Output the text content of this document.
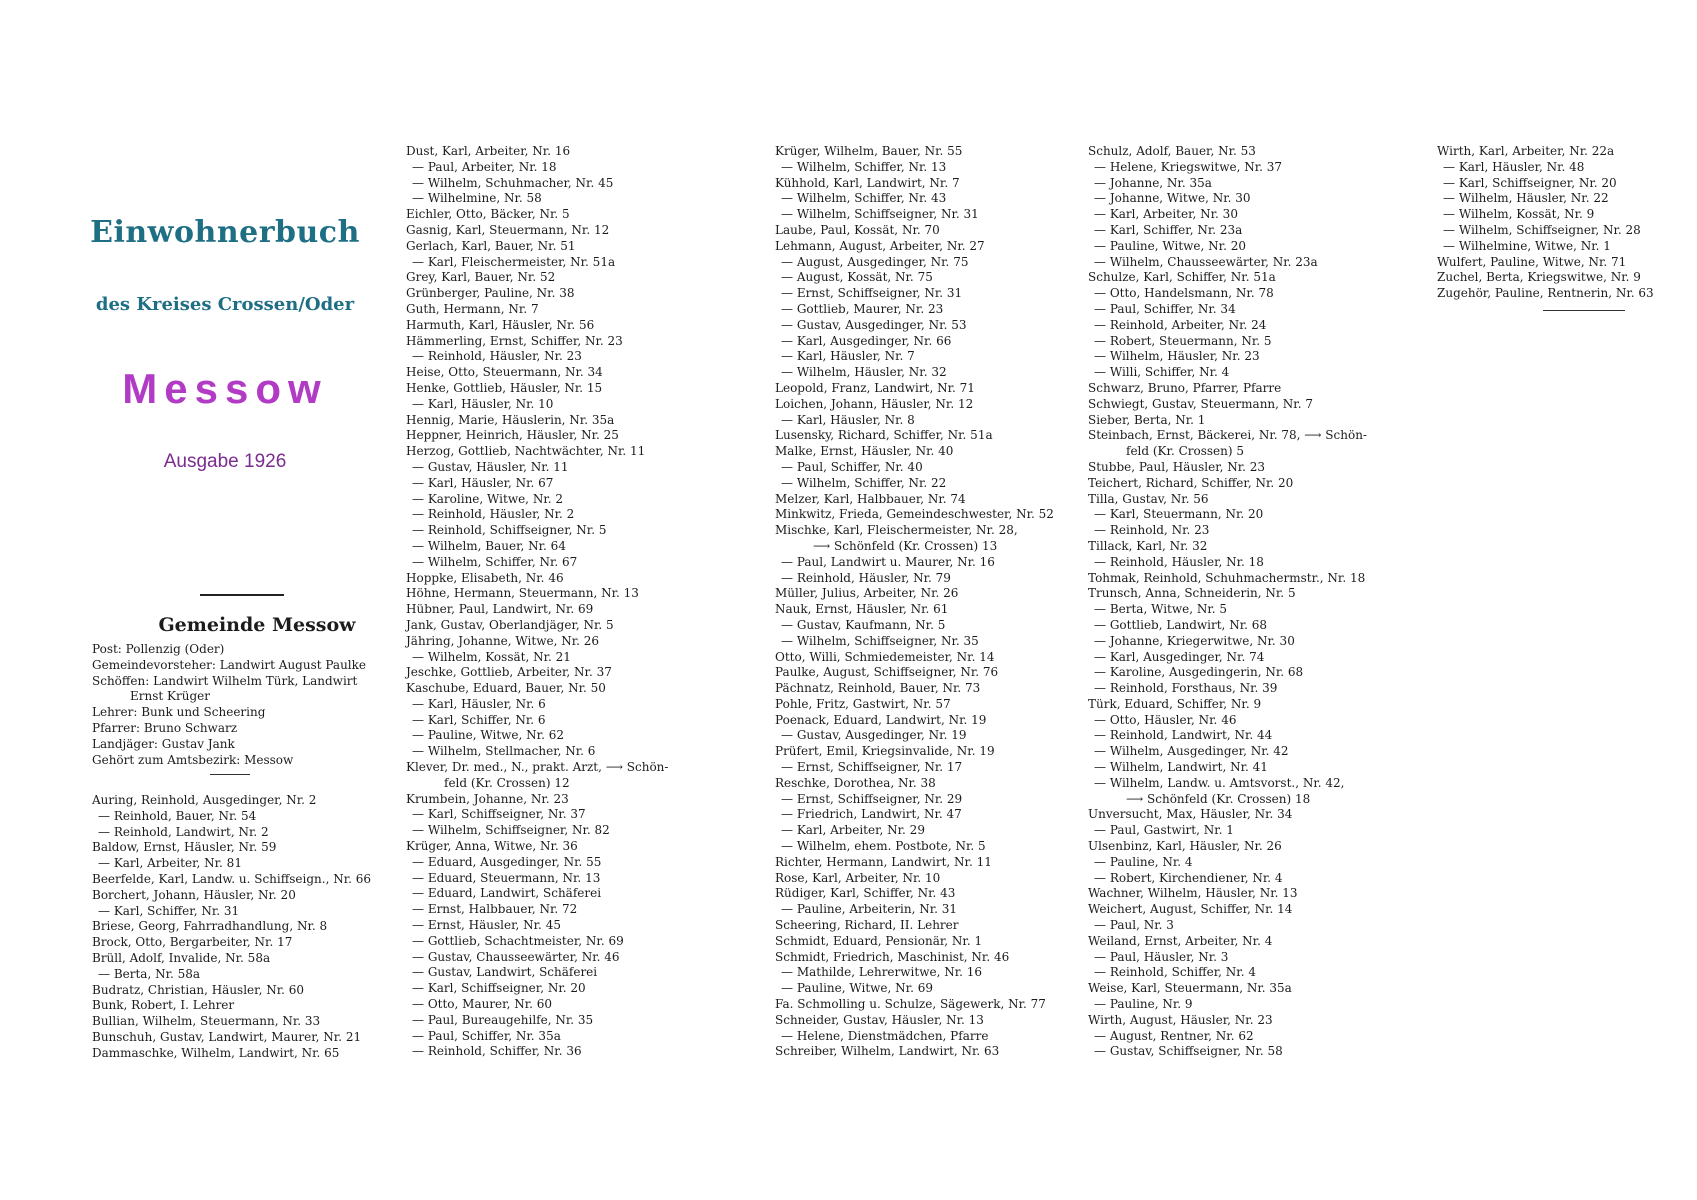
Einwohnerbuch
des Kreises Crossen/Oder
Messow
Ausgabe 1926
Gemeinde Messow
Post: Pollenzig (Oder)
Gemeindevorsteher: Landwirt August Paulke
Schöffen: Landwirt Wilhelm Türk, Landwirt
Ernst Krüger
Lehrer: Bunk und Scheering
Pfarrer: Bruno Schwarz
Landjäger: Gustav Jank
Gehört zum Amtsbezirk: Messow
Auring, Reinhold, Ausgedinger, Nr. 2
— Reinhold, Bauer, Nr. 54
— Reinhold, Landwirt, Nr. 2
Baldow, Ernst, Häusler, Nr. 59
— Karl, Arbeiter, Nr. 81
Beerfelde, Karl, Landw. u. Schiffseign., Nr. 66
Borchert, Johann, Häusler, Nr. 20
— Karl, Schiffer, Nr. 31
Briese, Georg, Fahrradhandlung, Nr. 8
Brock, Otto, Bergarbeiter, Nr. 17
Brüll, Adolf, Invalide, Nr. 58a
— Berta, Nr. 58a
Budratz, Christian, Häusler, Nr. 60
Bunk, Robert, I. Lehrer
Bullian, Wilhelm, Steuermann, Nr. 33
Bunschuh, Gustav, Landwirt, Maurer, Nr. 21
Dammaschke, Wilhelm, Landwirt, Nr. 65
Dust, Karl, Arbeiter, Nr. 16
— Paul, Arbeiter, Nr. 18
— Wilhelm, Schuhmacher, Nr. 45
— Wilhelmine, Nr. 58
Eichler, Otto, Bäcker, Nr. 5
Gasnig, Karl, Steuermann, Nr. 12
Gerlach, Karl, Bauer, Nr. 51
— Karl, Fleischermeister, Nr. 51a
Grey, Karl, Bauer, Nr. 52
Grünberger, Pauline, Nr. 38
Guth, Hermann, Nr. 7
Harmuth, Karl, Häusler, Nr. 56
Hämmerling, Ernst, Schiffer, Nr. 23
— Reinhold, Häusler, Nr. 23
Heise, Otto, Steuermann, Nr. 34
Henke, Gottlieb, Häusler, Nr. 15
— Karl, Häusler, Nr. 10
Hennig, Marie, Häuslerin, Nr. 35a
Heppner, Heinrich, Häusler, Nr. 25
Herzog, Gottlieb, Nachtwächter, Nr. 11
— Gustav, Häusler, Nr. 11
— Karl, Häusler, Nr. 67
— Karoline, Witwe, Nr. 2
— Reinhold, Häusler, Nr. 2
— Reinhold, Schiffseigner, Nr. 5
— Wilhelm, Bauer, Nr. 64
— Wilhelm, Schiffer, Nr. 67
Hoppke, Elisabeth, Nr. 46
Höhne, Hermann, Steuermann, Nr. 13
Hübner, Paul, Landwirt, Nr. 69
Jank, Gustav, Oberlandjäger, Nr. 5
Jähring, Johanne, Witwe, Nr. 26
— Wilhelm, Kossät, Nr. 21
Jeschke, Gottlieb, Arbeiter, Nr. 37
Kaschube, Eduard, Bauer, Nr. 50
— Karl, Häusler, Nr. 6
— Karl, Schiffer, Nr. 6
— Pauline, Witwe, Nr. 62
— Wilhelm, Stellmacher, Nr. 6
Klever, Dr. med., N., prakt. Arzt, ⟶ Schön-
feld (Kr. Crossen) 12
Krumbein, Johanne, Nr. 23
— Karl, Schiffseigner, Nr. 37
— Wilhelm, Schiffseigner, Nr. 82
Krüger, Anna, Witwe, Nr. 36
— Eduard, Ausgedinger, Nr. 55
— Eduard, Steuermann, Nr. 13
— Eduard, Landwirt, Schäferei
— Ernst, Halbbauer, Nr. 72
— Ernst, Häusler, Nr. 45
— Gottlieb, Schachtmeister, Nr. 69
— Gustav, Chausseewärter, Nr. 46
— Gustav, Landwirt, Schäferei
— Karl, Schiffseigner, Nr. 20
— Otto, Maurer, Nr. 60
— Paul, Bureaugehilfe, Nr. 35
— Paul, Schiffer, Nr. 35a
— Reinhold, Schiffer, Nr. 36
Krüger, Wilhelm, Bauer, Nr. 55
— Wilhelm, Schiffer, Nr. 13
Kühhold, Karl, Landwirt, Nr. 7
— Wilhelm, Schiffer, Nr. 43
— Wilhelm, Schiffseigner, Nr. 31
Laube, Paul, Kossät, Nr. 70
Lehmann, August, Arbeiter, Nr. 27
— August, Ausgedinger, Nr. 75
— August, Kossät, Nr. 75
— Ernst, Schiffseigner, Nr. 31
— Gottlieb, Maurer, Nr. 23
— Gustav, Ausgedinger, Nr. 53
— Karl, Ausgedinger, Nr. 66
— Karl, Häusler, Nr. 7
— Wilhelm, Häusler, Nr. 32
Leopold, Franz, Landwirt, Nr. 71
Loichen, Johann, Häusler, Nr. 12
— Karl, Häusler, Nr. 8
Lusensky, Richard, Schiffer, Nr. 51a
Malke, Ernst, Häusler, Nr. 40
— Paul, Schiffer, Nr. 40
— Wilhelm, Schiffer, Nr. 22
Melzer, Karl, Halbbauer, Nr. 74
Minkwitz, Frieda, Gemeindeschwester, Nr. 52
Mischke, Karl, Fleischermeister, Nr. 28,
⟶ Schönfeld (Kr. Crossen) 13
— Paul, Landwirt u. Maurer, Nr. 16
— Reinhold, Häusler, Nr. 79
Müller, Julius, Arbeiter, Nr. 26
Nauk, Ernst, Häusler, Nr. 61
— Gustav, Kaufmann, Nr. 5
— Wilhelm, Schiffseigner, Nr. 35
Otto, Willi, Schmiedemeister, Nr. 14
Paulke, August, Schiffseigner, Nr. 76
Pächnatz, Reinhold, Bauer, Nr. 73
Pohle, Fritz, Gastwirt, Nr. 57
Poenack, Eduard, Landwirt, Nr. 19
— Gustav, Ausgedinger, Nr. 19
Prüfert, Emil, Kriegsinvalide, Nr. 19
— Ernst, Schiffseigner, Nr. 17
Reschke, Dorothea, Nr. 38
— Ernst, Schiffseigner, Nr. 29
— Friedrich, Landwirt, Nr. 47
— Karl, Arbeiter, Nr. 29
— Wilhelm, ehem. Postbote, Nr. 5
Richter, Hermann, Landwirt, Nr. 11
Rose, Karl, Arbeiter, Nr. 10
Rüdiger, Karl, Schiffer, Nr. 43
— Pauline, Arbeiterin, Nr. 31
Scheering, Richard, II. Lehrer
Schmidt, Eduard, Pensionär, Nr. 1
Schmidt, Friedrich, Maschinist, Nr. 46
— Mathilde, Lehrerwitwe, Nr. 16
— Pauline, Witwe, Nr. 69
Fa. Schmolling u. Schulze, Sägewerk, Nr. 77
Schneider, Gustav, Häusler, Nr. 13
— Helene, Dienstmädchen, Pfarre
Schreiber, Wilhelm, Landwirt, Nr. 63
Schulz, Adolf, Bauer, Nr. 53
— Helene, Kriegswitwe, Nr. 37
— Johanne, Nr. 35a
— Johanne, Witwe, Nr. 30
— Karl, Arbeiter, Nr. 30
— Karl, Schiffer, Nr. 23a
— Pauline, Witwe, Nr. 20
— Wilhelm, Chausseewärter, Nr. 23a
Schulze, Karl, Schiffer, Nr. 51a
— Otto, Handelsmann, Nr. 78
— Paul, Schiffer, Nr. 34
— Reinhold, Arbeiter, Nr. 24
— Robert, Steuermann, Nr. 5
— Wilhelm, Häusler, Nr. 23
— Willi, Schiffer, Nr. 4
Schwarz, Bruno, Pfarrer, Pfarre
Schwiegt, Gustav, Steuermann, Nr. 7
Sieber, Berta, Nr. 1
Steinbach, Ernst, Bäckerei, Nr. 78, ⟶ Schön-
feld (Kr. Crossen) 5
Stubbe, Paul, Häusler, Nr. 23
Teichert, Richard, Schiffer, Nr. 20
Tilla, Gustav, Nr. 56
— Karl, Steuermann, Nr. 20
— Reinhold, Nr. 23
Tillack, Karl, Nr. 32
— Reinhold, Häusler, Nr. 18
Tohmak, Reinhold, Schuhmachermstr., Nr. 18
Trunsch, Anna, Schneiderin, Nr. 5
— Berta, Witwe, Nr. 5
— Gottlieb, Landwirt, Nr. 68
— Johanne, Kriegerwitwe, Nr. 30
— Karl, Ausgedinger, Nr. 74
— Karoline, Ausgedingerin, Nr. 68
— Reinhold, Forsthaus, Nr. 39
Türk, Eduard, Schiffer, Nr. 9
— Otto, Häusler, Nr. 46
— Reinhold, Landwirt, Nr. 44
— Wilhelm, Ausgedinger, Nr. 42
— Wilhelm, Landwirt, Nr. 41
— Wilhelm, Landw. u. Amtsvorst., Nr. 42,
⟶ Schönfeld (Kr. Crossen) 18
Unversucht, Max, Häusler, Nr. 34
— Paul, Gastwirt, Nr. 1
Ulsenbinz, Karl, Häusler, Nr. 26
— Pauline, Nr. 4
— Robert, Kirchendiener, Nr. 4
Wachner, Wilhelm, Häusler, Nr. 13
Weichert, August, Schiffer, Nr. 14
— Paul, Nr. 3
Weiland, Ernst, Arbeiter, Nr. 4
— Paul, Häusler, Nr. 3
— Reinhold, Schiffer, Nr. 4
Weise, Karl, Steuermann, Nr. 35a
— Pauline, Nr. 9
Wirth, August, Häusler, Nr. 23
— August, Rentner, Nr. 62
— Gustav, Schiffseigner, Nr. 58
Wirth, Karl, Arbeiter, Nr. 22a
— Karl, Häusler, Nr. 48
— Karl, Schiffseigner, Nr. 20
— Wilhelm, Häusler, Nr. 22
— Wilhelm, Kossät, Nr. 9
— Wilhelm, Schiffseigner, Nr. 28
— Wilhelmine, Witwe, Nr. 1
Wulfert, Pauline, Witwe, Nr. 71
Zuchel, Berta, Kriegswitwe, Nr. 9
Zugehör, Pauline, Rentnerin, Nr. 63
